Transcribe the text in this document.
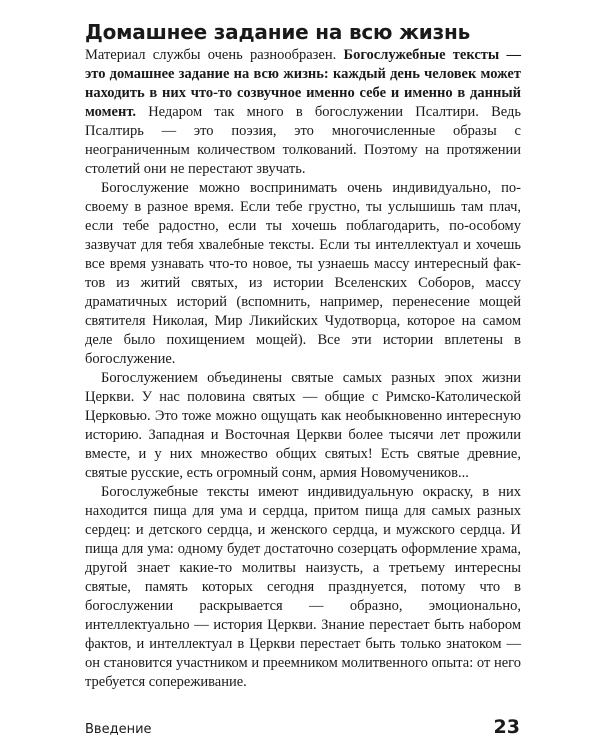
Домашнее задание на всю жизнь

Материал службы очень разнообразен. Богослужебные тексты — это домашнее задание на всю жизнь: каждый день человек может находить в них что-то созвучное именно себе и именно в данный момент. Недаром так много в богослужении Псалтири. Ведь Псалтирь — это поэзия, это многочисленные образы с неограниченным количеством толкований. Поэтому на протяжении столетий они не перестают звучать.

Богослужение можно воспринимать очень индивидуально, по-своему в разное время. Если тебе грустно, ты услышишь там плач, если тебе радостно, если ты хочешь поблагодарить, по-особому зазвучат для тебя хвалебные тексты. Если ты интеллектуал и хочешь все время узнавать что-то новое, ты узнаешь массу интересный фактов из житий святых, из истории Вселенских Соборов, массу драматичных историй (вспомнить, например, перенесение мощей святителя Николая, Мир Ликийских Чудотворца, которое на самом деле было похищением мощей). Все эти истории вплетены в богослужение.

Богослужением объединены святые самых разных эпох жизни Церкви. У нас половина святых — общие с Римско-Католической Церковью. Это тоже можно ощущать как необыкновенно интересную историю. Западная и Восточная Церкви более тысячи лет прожили вместе, и у них множество общих святых! Есть святые древние, святые русские, есть огромный сонм, армия Новомучеников...

Богослужебные тексты имеют индивидуальную окраску, в них находится пища для ума и сердца, притом пища для самых разных сердец: и детского сердца, и женского сердца, и мужского сердца. И пища для ума: одному будет достаточно созерцать оформление храма, другой знает какие-то молитвы наизусть, а третьему интересны святые, память которых сегодня празднуется, потому что в богослужении раскрывается — образно, эмоционально, интеллектуально — история Церкви. Знание перестает быть набором фактов, и интеллектуал в Церкви перестает быть только знатоком — он становится участником и преемником молитвенного опыта: от него требуется сопереживание.

Введение	23
